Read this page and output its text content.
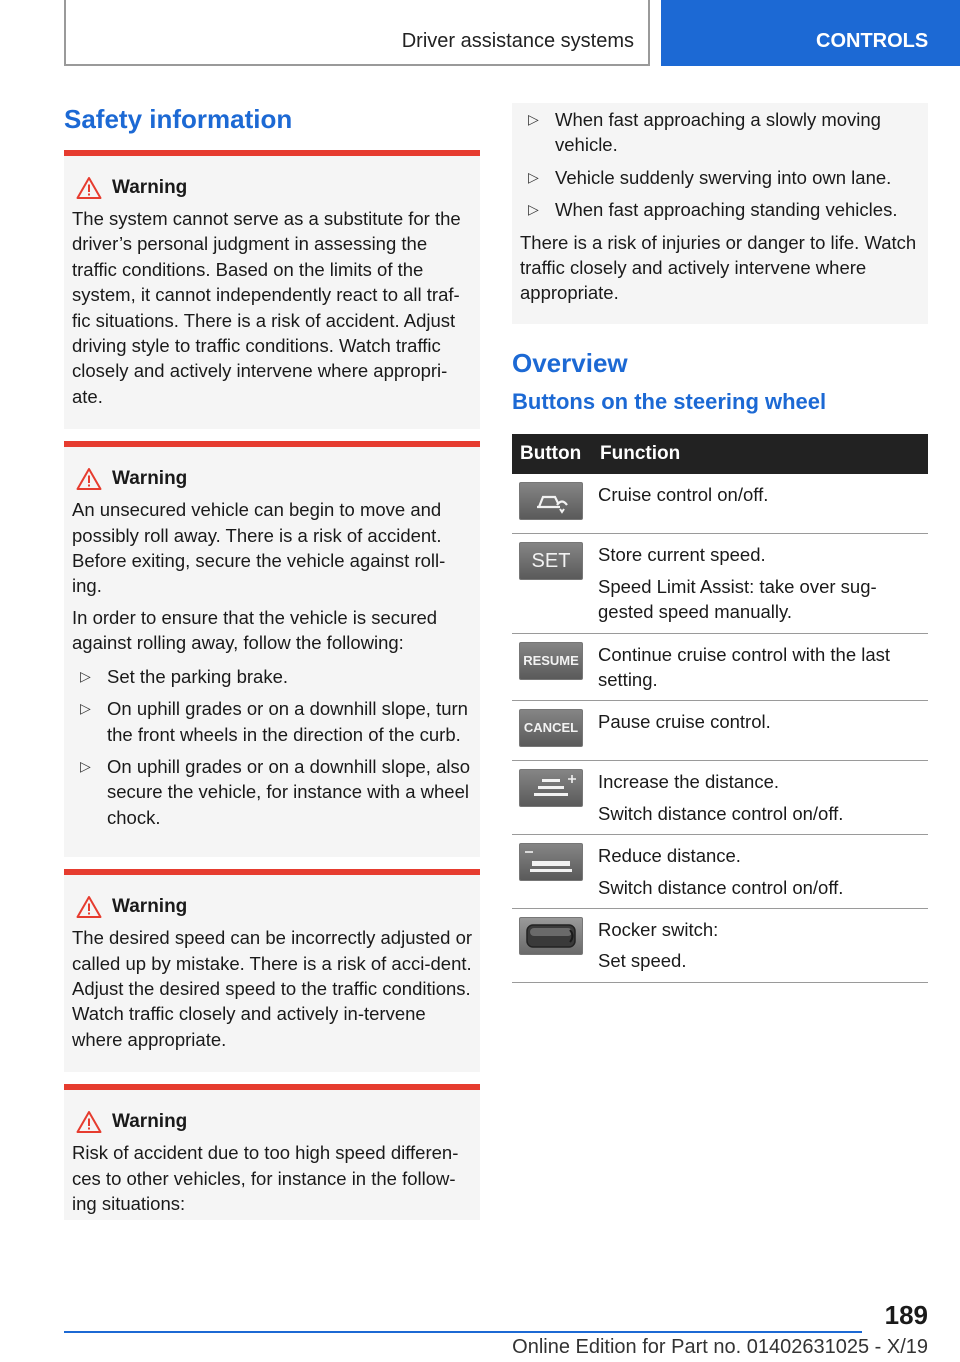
Driver assistance systems	CONTROLS
Safety information
Warning

The system cannot serve as a substitute for the driver’s personal judgment in assessing the traffic conditions. Based on the limits of the system, it cannot independently react to all traf-fic situations. There is a risk of accident. Adjust driving style to traffic conditions. Watch traffic closely and actively intervene where appropri-ate.

Warning

An unsecured vehicle can begin to move and possibly roll away. There is a risk of accident. Before exiting, secure the vehicle against roll-ing.

In order to ensure that the vehicle is secured against rolling away, follow the following:

▷ Set the parking brake.
▷ On uphill grades or on a downhill slope, turn the front wheels in the direction of the curb.
▷ On uphill grades or on a downhill slope, also secure the vehicle, for instance with a wheel chock.
Warning

The desired speed can be incorrectly adjusted or called up by mistake. There is a risk of acci-dent. Adjust the desired speed to the traffic conditions. Watch traffic closely and actively in-tervene where appropriate.

Warning

Risk of accident due to too high speed differen-ces to other vehicles, for instance in the follow-ing situations:

▷ When fast approaching a slowly moving vehicle.
▷ Vehicle suddenly swerving into own lane.
▷ When fast approaching standing vehicles.

There is a risk of injuries or danger to life. Watch traffic closely and actively intervene where appropriate.

Overview
Buttons on the steering wheel
Button	Function

Cruise control on/off.

SET	Store current speed.
Speed Limit Assist: take over sug-gested speed manually.

RESUME	Continue cruise control with the last setting.

CANCEL	Pause cruise control.

Increase the distance.
Switch distance control on/off.

Reduce distance.
Switch distance control on/off.

Rocker switch:
Set speed.
189
Online Edition for Part no. 01402631025 - X/19
